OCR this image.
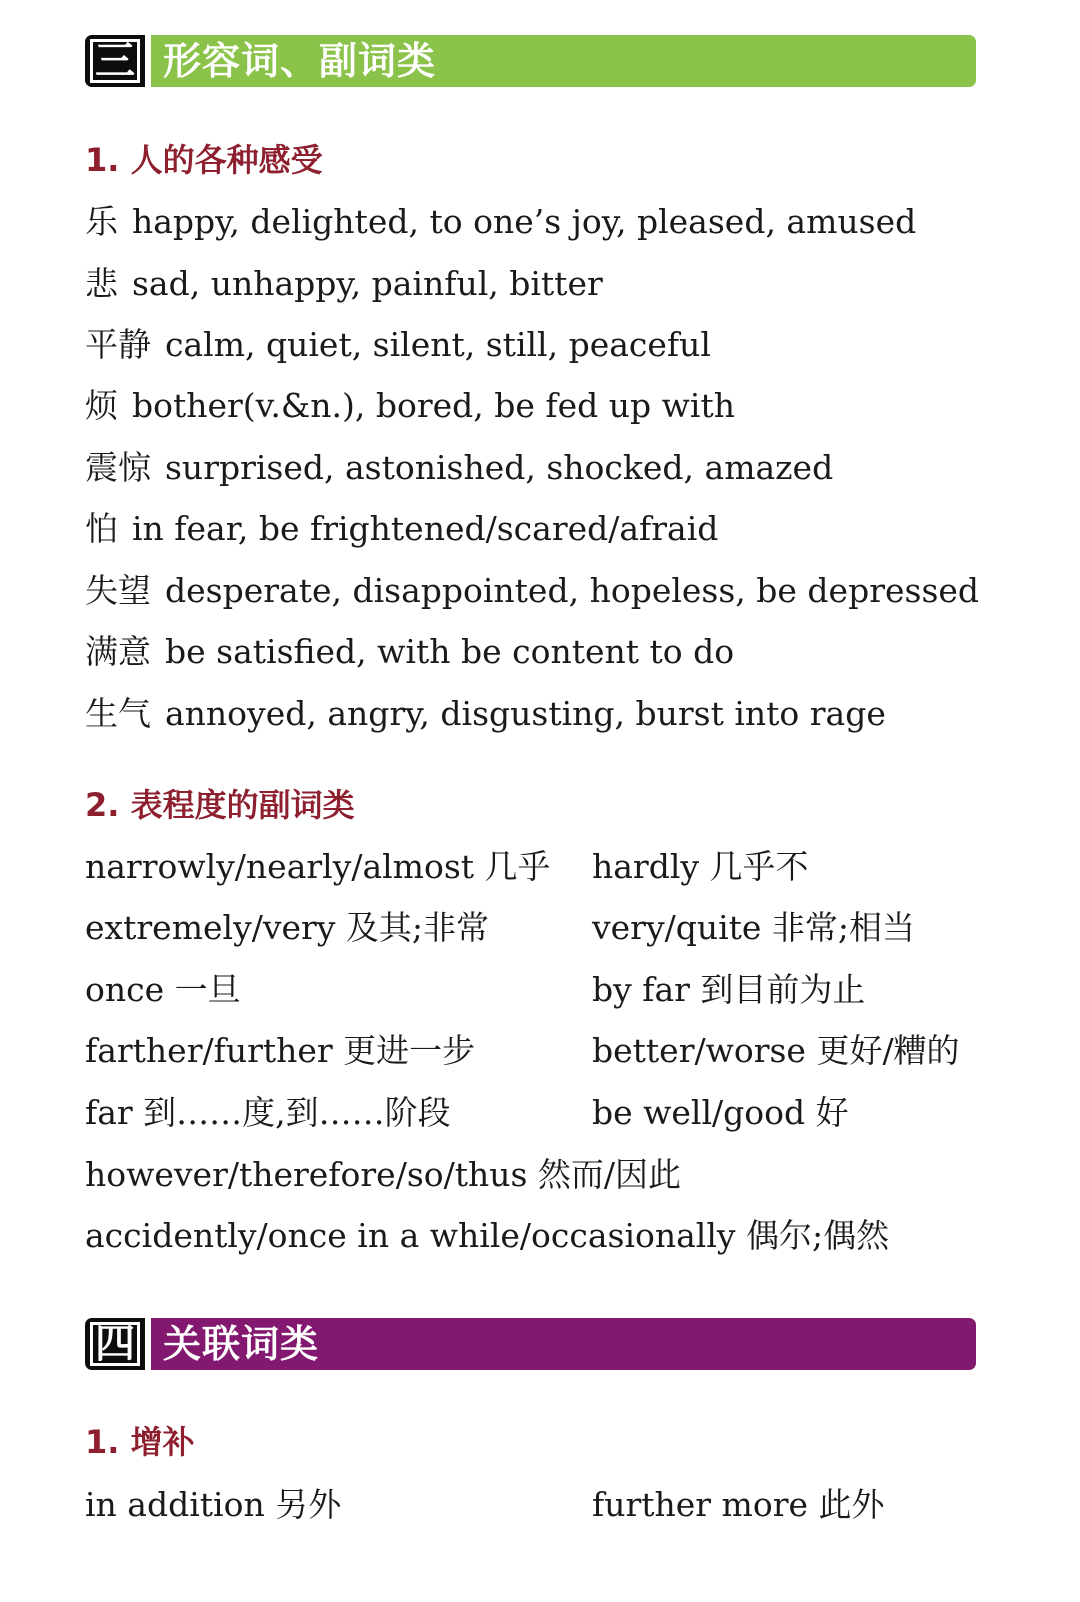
三 形容词、副词类
1. 人的各种感受
乐 happy, delighted, to one’s joy, pleased, amused
悲 sad, unhappy, painful, bitter
平静 calm, quiet, silent, still, peaceful
烦 bother(v.&n.), bored, be fed up with
震惊 surprised, astonished, shocked, amazed
怕 in fear, be frightened/scared/afraid
失望 desperate, disappointed, hopeless, be depressed
满意 be satisfied, with be content to do
生气 annoyed, angry, disgusting, burst into rage
2. 表程度的副词类
narrowly/nearly/almost 几乎
extremely/very 及其;非常
once 一旦
farther/further 更进一步
far 到……度,到……阶段
hardly 几乎不
very/quite 非常;相当
by far 到目前为止
better/worse 更好/糟的
be well/good 好
however/therefore/so/thus 然而/因此
accidently/once in a while/occasionally 偶尔;偶然
四 关联词类
1. 增补
in addition 另外	further more 此外
